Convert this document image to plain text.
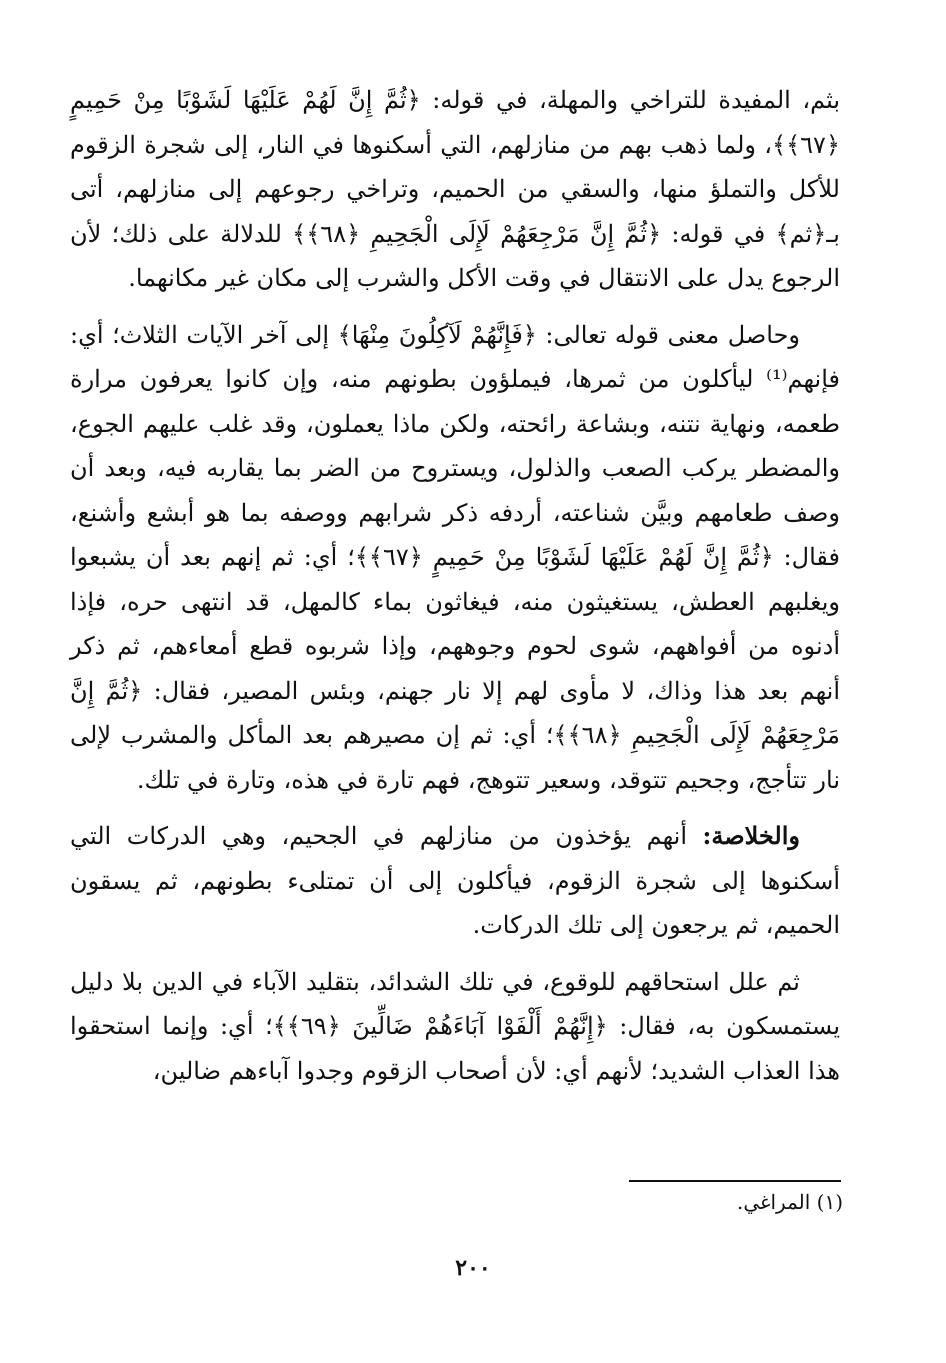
بثم، المفيدة للتراخي والمهلة، في قوله: ﴿ثُمَّ إِنَّ لَهُمْ عَلَيْهَا لَشَوْبًا مِنْ حَمِيمٍ ﴿٦٧﴾﴾، ولما ذهب بهم من منازلهم، التي أسكنوها في النار، إلى شجرة الزقوم للأكل والتملؤ منها، والسقي من الحميم، وتراخي رجوعهم إلى منازلهم، أتى بـ﴿ثم﴾ في قوله: ﴿ثُمَّ إِنَّ مَرْجِعَهُمْ لَإِلَى الْجَحِيمِ ﴿٦٨﴾﴾ للدلالة على ذلك؛ لأن الرجوع يدل على الانتقال في وقت الأكل والشرب إلى مكان غير مكانهما.

وحاصل معنى قوله تعالى: ﴿فَإِنَّهُمْ لَآكِلُونَ مِنْهَا﴾ إلى آخر الآيات الثلاث؛ أي: فإنهم⁽¹⁾ ليأكلون من ثمرها، فيملؤون بطونهم منه، وإن كانوا يعرفون مرارة طعمه، ونهاية نتنه، وبشاعة رائحته، ولكن ماذا يعملون، وقد غلب عليهم الجوع، والمضطر يركب الصعب والذلول، ويستروح من الضر بما يقاربه فيه، وبعد أن وصف طعامهم وبيَّن شناعته، أردفه ذكر شرابهم ووصفه بما هو أبشع وأشنع، فقال: ﴿ثُمَّ إِنَّ لَهُمْ عَلَيْهَا لَشَوْبًا مِنْ حَمِيمٍ ﴿٦٧﴾﴾؛ أي: ثم إنهم بعد أن يشبعوا ويغلبهم العطش، يستغيثون منه، فيغاثون بماء كالمهل، قد انتهى حره، فإذا أدنوه من أفواههم، شوى لحوم وجوههم، وإذا شربوه قطع أمعاءهم، ثم ذكر أنهم بعد هذا وذاك، لا مأوى لهم إلا نار جهنم، وبئس المصير، فقال: ﴿ثُمَّ إِنَّ مَرْجِعَهُمْ لَإِلَى الْجَحِيمِ ﴿٦٨﴾﴾؛ أي: ثم إن مصيرهم بعد المأكل والمشرب لإلى نار تتأجج، وجحيم تتوقد، وسعير تتوهج، فهم تارة في هذه، وتارة في تلك.

والخلاصة: أنهم يؤخذون من منازلهم في الجحيم، وهي الدركات التي أسكنوها إلى شجرة الزقوم، فيأكلون إلى أن تمتلىء بطونهم، ثم يسقون الحميم، ثم يرجعون إلى تلك الدركات.

ثم علل استحاقهم للوقوع، في تلك الشدائد، بتقليد الآباء في الدين بلا دليل يستمسكون به، فقال: ﴿إِنَّهُمْ أَلْفَوْا آبَاءَهُمْ ضَالِّينَ ﴿٦٩﴾﴾؛ أي: وإنما استحقوا هذا العذاب الشديد؛ لأنهم أي: لأن أصحاب الزقوم وجدوا آباءهم ضالين،

(١) المراغي.
٢٠٠
